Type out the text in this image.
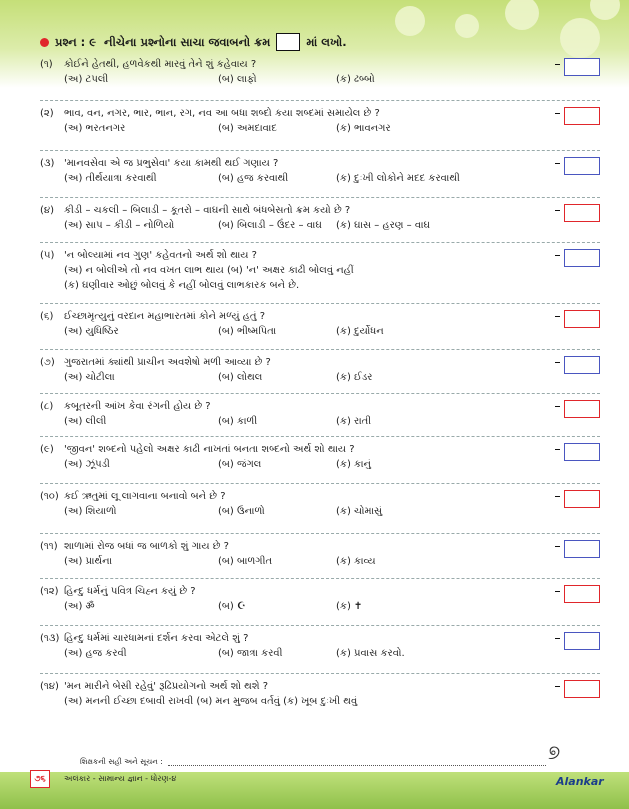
પ્રશ્ન : ૯ નીચેના પ્રશ્નોના સાચા જવાબનો ક્રમ	માં લખો.
(૧) કોઈને હેતથી, હળવેકથી મારવું તેને શું કહેવાય ?
(અ) ટપલી	(બ) લાફો	(ક) ઢબ્બો
(૨) ભાવ, વન, નગર, ભાર, ભાન, રગ, નવ આ બધા શબ્દો કયા શબ્દમાં સમાયેલ છે ?
(અ) ભરતનગર	(બ) અમદાવાદ	(ક) ભાવનગર
(૩) 'માનવસેવા એ જ પ્રભુસેવા' કયા કામથી થઈ ગણાય ?
(અ) તીર્થયાત્રા કરવાથી	(બ) હજ કરવાથી	(ક) દુઃખી લોકોને મદદ કરવાથી
(૪) કીડી – ચકલી – બિલાડી – કૂતરો – વાઘની સાથે બંધબેસતો ક્રમ કયો છે ?
(અ) સાપ – કીડી – નોળિયો	(બ) બિલાડી – ઉંદર – વાઘ (ક) ઘાસ – હરણ – વાઘ
(૫) 'ન બોલ્યામાં નવ ગુણ' કહેવતનો અર્થ શો થાય ?
(અ) ન બોલીએ તો નવ વખત લાભ થાય (બ) 'ન' અક્ષર કાઢી બોલવું નહીં
(ક) ઘણીવાર ઓછું બોલવું કે નહીં બોલવું લાભકારક બને છે.
(૬) ઈચ્છામૃત્યુનું વરદાન મહાભારતમાં કોને મળ્યું હતું ?
(અ) યુધિષ્ઠિર	(બ) ભીષ્મપિતા	(ક) દુર્યોધન
(૭) ગુજરાતમાં ક્યાંથી પ્રાચીન અવશેષો મળી આવ્યા છે ?
(અ) ચોટીલા	(બ) લોથલ	(ક) ઈડર
(૮) કબૂતરની આંખ કેવા રંગની હોય છે ?
(અ) લીલી	(બ) કાળી	(ક) રાતી
(૯) 'જીવન' શબ્દનો પહેલો અક્ષર કાઢી નાખતાં બનતા શબ્દનો અર્થ શો થાય ?
(અ) ઝૂંપડી	(બ) જંગલ	(ક) કાનું
(૧૦) કઈ ઋતુમાં લૂ લાગવાના બનાવો બને છે ?
(અ) શિયાળો	(બ) ઉનાળો	(ક) ચોમાસું
(૧૧) શાળામાં રોજ બધાં જ બાળકો શું ગાય છે ?
(અ) પ્રાર્થના	(બ) બાળગીત	(ક) કાવ્ય
(૧૨) હિન્દુ ધર્મનું પવિત્ર ચિહ્ન કયું છે ?
(અ) ॐ	(બ) ☪	(ક) ✝
(૧૩) હિન્દુ ધર્મમાં ચારધામનાં દર્શન કરવા એટલે શું ?
(અ) હજ કરવી	(બ) જાત્રા કરવી	(ક) પ્રવાસ કરવો.
(૧૪) 'મન મારીને બેસી રહેવું' રૂઢિપ્રયોગનો અર્થ શો થશે ?
(અ) મનની ઈચ્છા દબાવી રાખવી (બ) મન મુજબ વર્તવું (ક) ખૂબ દુઃખી થવું
શિક્ષકની સહી અને સૂચન :	୭
૭૬	અલંકાર - સામાન્ય જ્ઞાન - ધોરણ-૪	Alankar
